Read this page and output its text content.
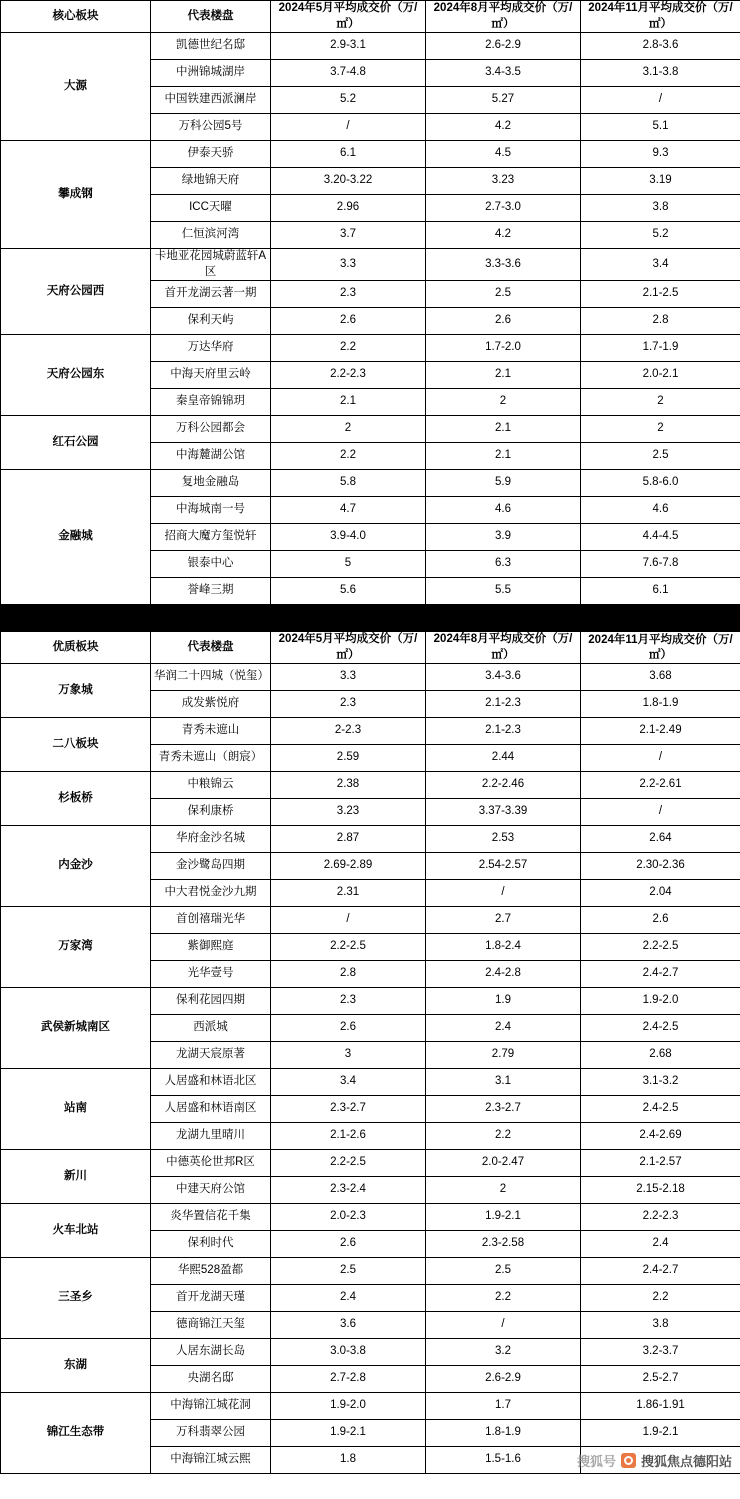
核心板块	代表楼盘	2024年5月平均成交价（万/㎡）	2024年8月平均成交价（万/㎡）	2024年11月平均成交价（万/㎡）
大源	凯德世纪名邸	2.9-3.1	2.6-2.9	2.8-3.6
	中洲锦城湖岸	3.7-4.8	3.4-3.5	3.1-3.8
	中国铁建西派澜岸	5.2	5.27	/
	万科公园5号	/	4.2	5.1
攀成钢	伊泰天骄	6.1	4.5	9.3
	绿地锦天府	3.20-3.22	3.23	3.19
	ICC天曜	2.96	2.7-3.0	3.8
	仁恒滨河湾	3.7	4.2	5.2
天府公园西	卡地亚花园城蔚蓝轩A区	3.3	3.3-3.6	3.4
	首开龙湖云著一期	2.3	2.5	2.1-2.5
	保利天屿	2.6	2.6	2.8
天府公园东	万达华府	2.2	1.7-2.0	1.7-1.9
	中海天府里云岭	2.2-2.3	2.1	2.0-2.1
	秦皇帝锦锦玥	2.1	2	2
红石公园	万科公园都会	2	2.1	2
	中海麓湖公馆	2.2	2.1	2.5
金融城	复地金融岛	5.8	5.9	5.8-6.0
	中海城南一号	4.7	4.6	4.6
	招商大魔方玺悦轩	3.9-4.0	3.9	4.4-4.5
	银泰中心	5	6.3	7.6-7.8
	誉峰三期	5.6	5.5	6.1

优质板块	代表楼盘	2024年5月平均成交价（万/㎡）	2024年8月平均成交价（万/㎡）	2024年11月平均成交价（万/㎡）
万象城	华润二十四城（悦玺）	3.3	3.4-3.6	3.68
	成发紫悦府	2.3	2.1-2.3	1.8-1.9
二八板块	青秀未遮山	2-2.3	2.1-2.3	2.1-2.49
	青秀未遮山（朗宸）	2.59	2.44	/
杉板桥	中粮锦云	2.38	2.2-2.46	2.2-2.61
	保利康桥	3.23	3.37-3.39	/
内金沙	华府金沙名城	2.87	2.53	2.64
	金沙鹭岛四期	2.69-2.89	2.54-2.57	2.30-2.36
	中大君悦金沙九期	2.31	/	2.04
万家湾	首创禧瑞光华	/	2.7	2.6
	紫御熙庭	2.2-2.5	1.8-2.4	2.2-2.5
	光华壹号	2.8	2.4-2.8	2.4-2.7
武侯新城南区	保利花园四期	2.3	1.9	1.9-2.0
	西派城	2.6	2.4	2.4-2.5
	龙湖天宸原著	3	2.79	2.68
站南	人居盛和林语北区	3.4	3.1	3.1-3.2
	人居盛和林语南区	2.3-2.7	2.3-2.7	2.4-2.5
	龙湖九里晴川	2.1-2.6	2.2	2.4-2.69
新川	中德英伦世邦R区	2.2-2.5	2.0-2.47	2.1-2.57
	中建天府公馆	2.3-2.4	2	2.15-2.18
火车北站	炎华置信花千集	2.0-2.3	1.9-2.1	2.2-2.3
	保利时代	2.6	2.3-2.58	2.4
三圣乡	华熙528盈都	2.5	2.5	2.4-2.7
	首开龙湖天瑾	2.4	2.2	2.2
	德商锦江天玺	3.6	/	3.8
东湖	人居东湖长岛	3.0-3.8	3.2	3.2-3.7
	央湖名邸	2.7-2.8	2.6-2.9	2.5-2.7
锦江生态带	中海锦江城花洞	1.9-2.0	1.7	1.86-1.91
	万科翡翠公园	1.9-2.1	1.8-1.9	1.9-2.1
	中海锦江城云熙	1.8	1.5-1.6		搜狐号 搜狐焦点德阳站
